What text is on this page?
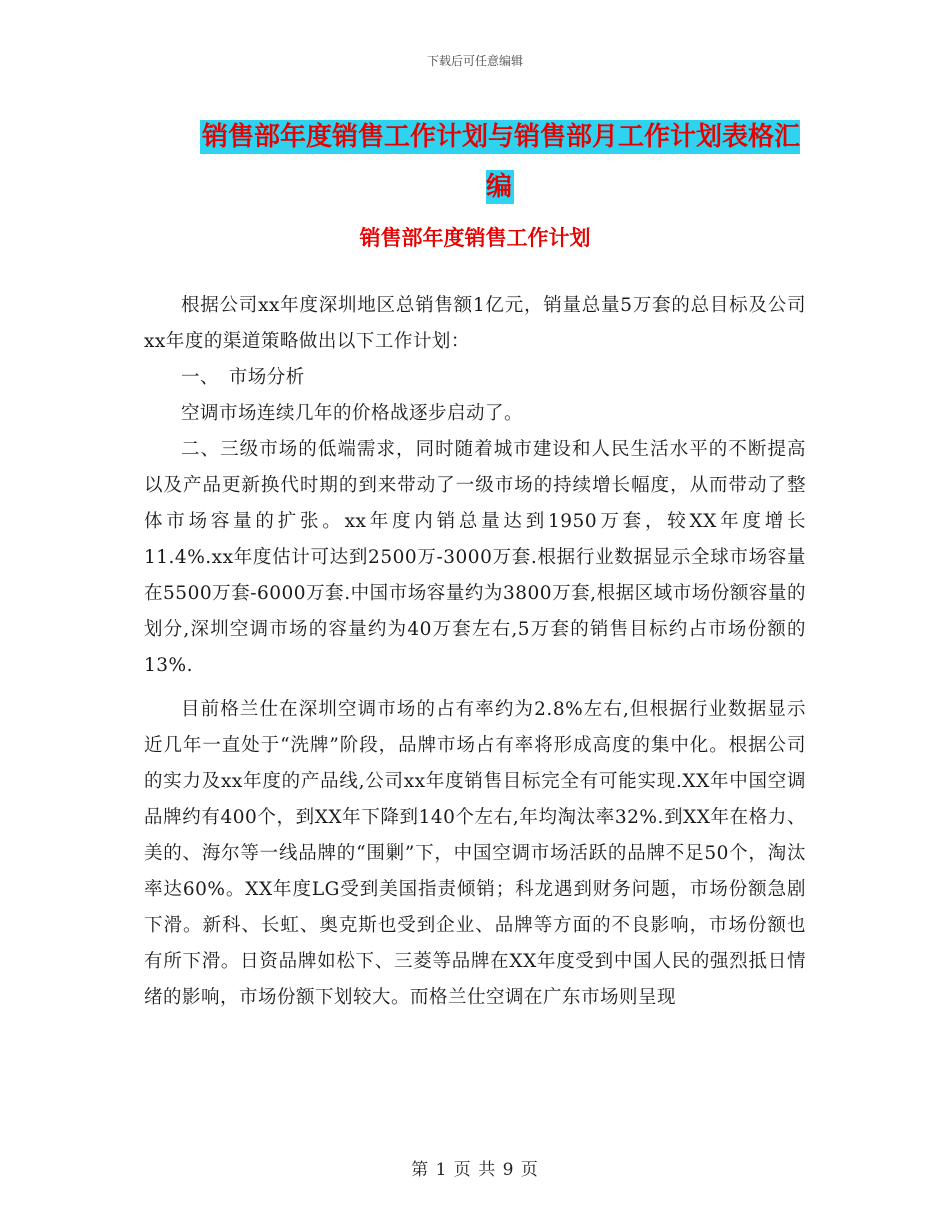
下载后可任意编辑
销售部年度销售工作计划与销售部月工作计划表格汇编
销售部年度销售工作计划

根据公司xx年度深圳地区总销售额1亿元，销量总量5万套的总目标及公司xx年度的渠道策略做出以下工作计划：

一、　市场分析

空调市场连续几年的价格战逐步启动了。

二、三级市场的低端需求，同时随着城市建设和人民生活水平的不断提高以及产品更新换代时期的到来带动了一级市场的持续增长幅度，从而带动了整体市场容量的扩张。xx年度内销总量达到1950万套，较XX年度增长11.4%.xx年度估计可达到2500万-3000万套.根据行业数据显示全球市场容量在5500万套-6000万套.中国市场容量约为3800万套,根据区域市场份额容量的划分,深圳空调市场的容量约为40万套左右,5万套的销售目标约占市场份额的13%.

目前格兰仕在深圳空调市场的占有率约为2.8%左右,但根据行业数据显示近几年一直处于“洗牌”阶段，品牌市场占有率将形成高度的集中化。根据公司的实力及xx年度的产品线,公司xx年度销售目标完全有可能实现.XX年中国空调品牌约有400个，到XX年下降到140个左右,年均淘汰率32%.到XX年在格力、美的、海尔等一线品牌的“围剿”下，中国空调市场活跃的品牌不足50个，淘汰率达60%。XX年度LG受到美国指责倾销；科龙遇到财务问题，市场份额急剧下滑。新科、长虹、奥克斯也受到企业、品牌等方面的不良影响，市场份额也有所下滑。日资品牌如松下、三菱等品牌在XX年度受到中国人民的强烈抵日情绪的影响，市场份额下划较大。而格兰仕空调在广东市场则呈现

第 1 页 共 9 页
